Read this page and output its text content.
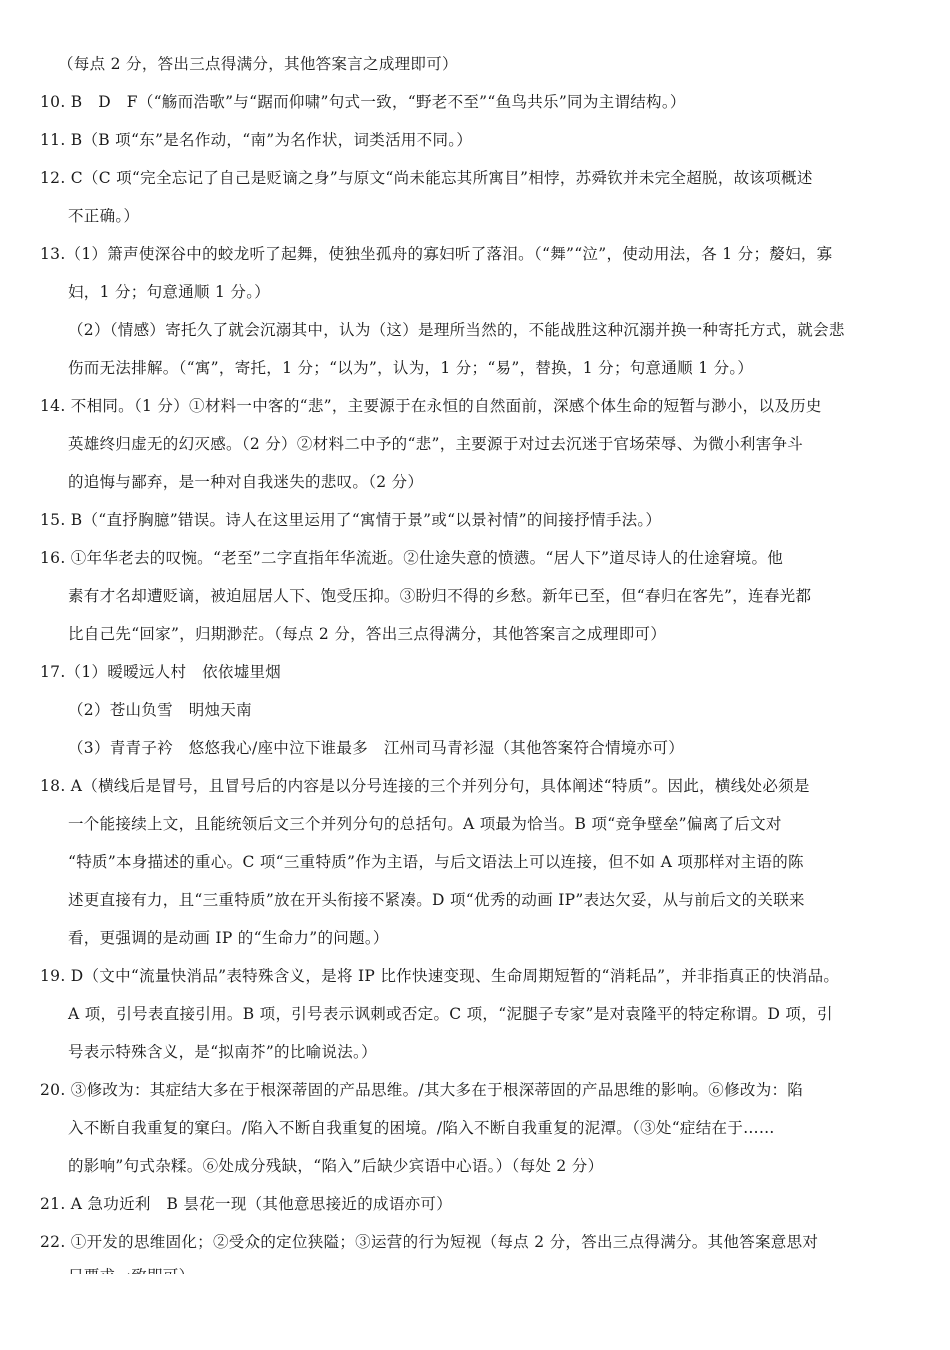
（每点 2 分，答出三点得满分，其他答案言之成理即可）
10. B　D　F（“觞而浩歌”与“踞而仰啸”句式一致，“野老不至”“鱼鸟共乐”同为主谓结构。）
11. B（B 项“东”是名作动，“南”为名作状，词类活用不同。）
12. C（C 项“完全忘记了自己是贬谪之身”与原文“尚未能忘其所寓目”相悖，苏舜钦并未完全超脱，故该项概述
不正确。）
13.（1）箫声使深谷中的蛟龙听了起舞，使独坐孤舟的寡妇听了落泪。（“舞”“泣”，使动用法，各 1 分；嫠妇，寡
妇，1 分；句意通顺 1 分。）
（2）（情感）寄托久了就会沉溺其中，认为（这）是理所当然的，不能战胜这种沉溺并换一种寄托方式，就会悲
伤而无法排解。（“寓”，寄托，1 分；“以为”，认为，1 分；“易”，替换，1 分；句意通顺 1 分。）
14. 不相同。（1 分）①材料一中客的“悲”，主要源于在永恒的自然面前，深感个体生命的短暂与渺小，以及历史
英雄终归虚无的幻灭感。（2 分）②材料二中予的“悲”，主要源于对过去沉迷于官场荣辱、为微小利害争斗
的追悔与鄙弃，是一种对自我迷失的悲叹。（2 分）
15. B（“直抒胸臆”错误。诗人在这里运用了“寓情于景”或“以景衬情”的间接抒情手法。）
16. ①年华老去的叹惋。“老至”二字直指年华流逝。②仕途失意的愤懑。“居人下”道尽诗人的仕途窘境。他
素有才名却遭贬谪，被迫屈居人下、饱受压抑。③盼归不得的乡愁。新年已至，但“春归在客先”，连春光都
比自己先“回家”，归期渺茫。（每点 2 分，答出三点得满分，其他答案言之成理即可）
17.（1）暧暧远人村　依依墟里烟
（2）苍山负雪　明烛天南
（3）青青子衿　悠悠我心/座中泣下谁最多　江州司马青衫湿（其他答案符合情境亦可）
18. A（横线后是冒号，且冒号后的内容是以分号连接的三个并列分句，具体阐述“特质”。因此，横线处必须是
一个能接续上文，且能统领后文三个并列分句的总括句。A 项最为恰当。B 项“竞争壁垒”偏离了后文对
“特质”本身描述的重心。C 项“三重特质”作为主语，与后文语法上可以连接，但不如 A 项那样对主语的陈
述更直接有力，且“三重特质”放在开头衔接不紧凑。D 项“优秀的动画 IP”表达欠妥，从与前后文的关联来
看，更强调的是动画 IP 的“生命力”的问题。）
19. D（文中“流量快消品”表特殊含义，是将 IP 比作快速变现、生命周期短暂的“消耗品”，并非指真正的快消品。
A 项，引号表直接引用。B 项，引号表示讽刺或否定。C 项，“泥腿子专家”是对袁隆平的特定称谓。D 项，引
号表示特殊含义，是“拟南芥”的比喻说法。）
20. ③修改为：其症结大多在于根深蒂固的产品思维。/其大多在于根深蒂固的产品思维的影响。⑥修改为：陷
入不断自我重复的窠臼。/陷入不断自我重复的困境。/陷入不断自我重复的泥潭。（③处“症结在于……
的影响”句式杂糅。⑥处成分残缺，“陷入”后缺少宾语中心语。）（每处 2 分）
21. A 急功近利　B 昙花一现（其他意思接近的成语亦可）
22. ①开发的思维固化；②受众的定位狭隘；③运营的行为短视（每点 2 分，答出三点得满分。其他答案意思对
